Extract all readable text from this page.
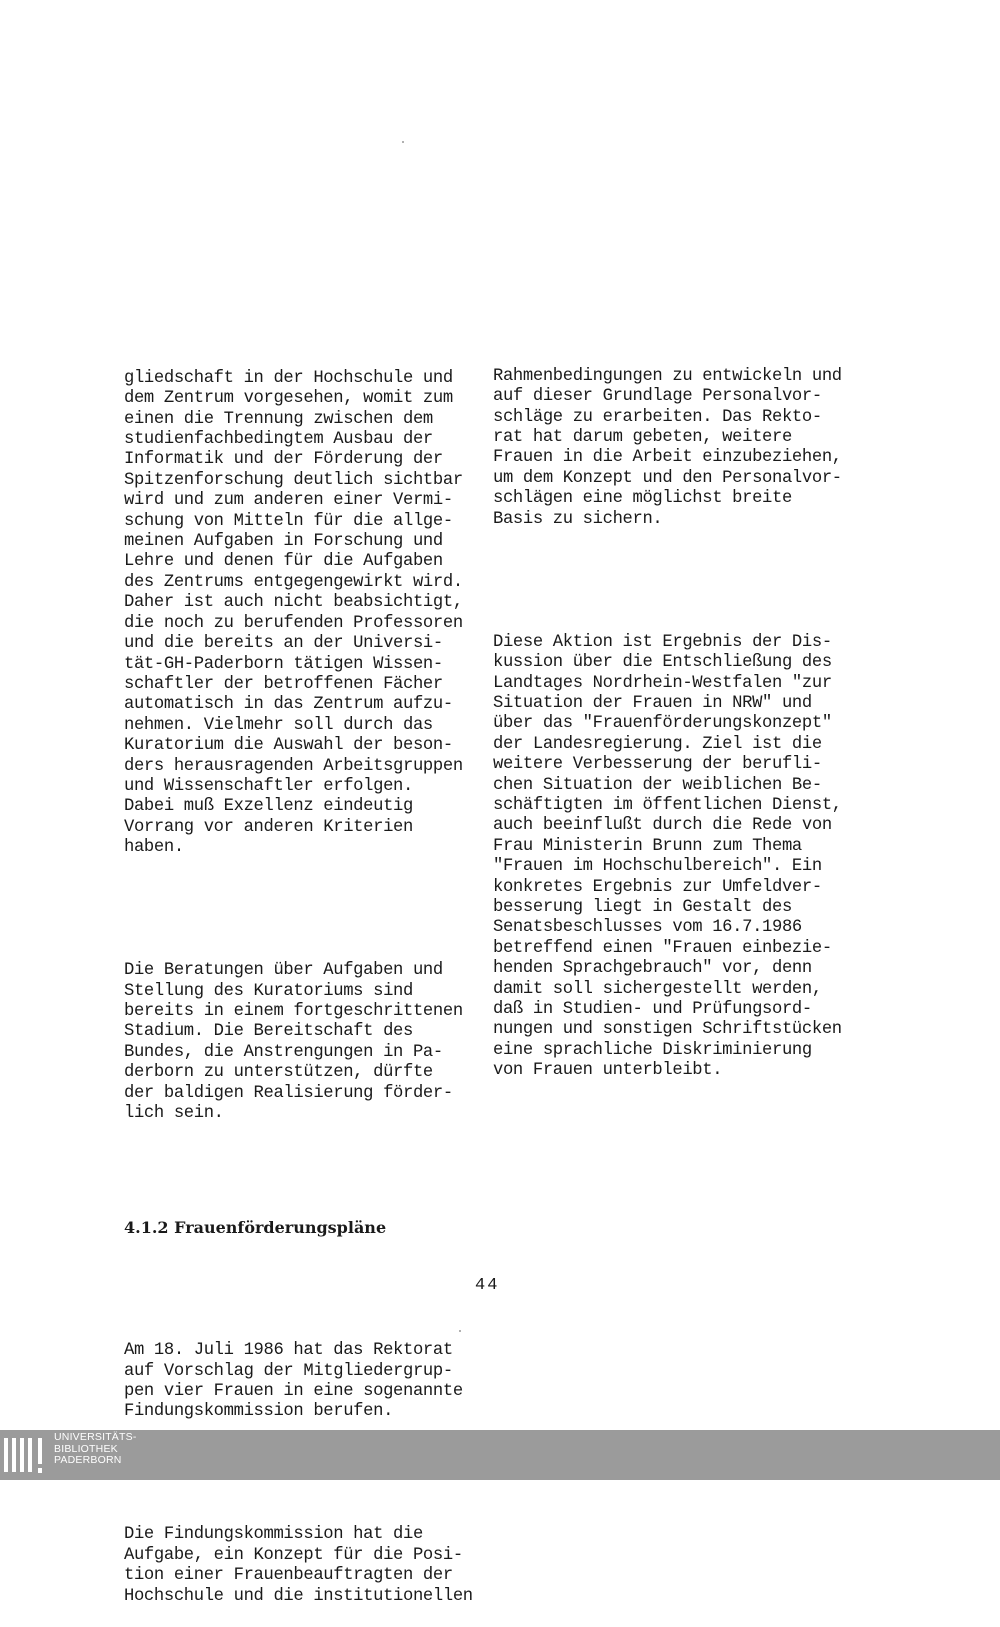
gliedschaft in der Hochschule und
dem Zentrum vorgesehen, womit zum
einen die Trennung zwischen dem
studienfachbedingtem Ausbau der
Informatik und der Förderung der
Spitzenforschung deutlich sichtbar
wird und zum anderen einer Vermi-
schung von Mitteln für die allge-
meinen Aufgaben in Forschung und
Lehre und denen für die Aufgaben
des Zentrums entgegengewirkt wird.
Daher ist auch nicht beabsichtigt,
die noch zu berufenden Professoren
und die bereits an der Universi-
tät-GH-Paderborn tätigen Wissen-
schaftler der betroffenen Fächer
automatisch in das Zentrum aufzu-
nehmen. Vielmehr soll durch das
Kuratorium die Auswahl der beson-
ders herausragenden Arbeitsgruppen
und Wissenschaftler erfolgen.
Dabei muß Exzellenz eindeutig
Vorrang vor anderen Kriterien
haben.

Die Beratungen über Aufgaben und
Stellung des Kuratoriums sind
bereits in einem fortgeschrittenen
Stadium. Die Bereitschaft des
Bundes, die Anstrengungen in Pa-
derborn zu unterstützen, dürfte
der baldigen Realisierung förder-
lich sein.

4.1.2 Frauenförderungspläne

Am 18. Juli 1986 hat das Rektorat
auf Vorschlag der Mitgliedergrup-
pen vier Frauen in eine sogenannte
Findungskommission berufen.

Die Findungskommission hat die
Aufgabe, ein Konzept für die Posi-
tion einer Frauenbeauftragten der
Hochschule und die institutionellen

Rahmenbedingungen zu entwickeln und
auf dieser Grundlage Personalvor-
schläge zu erarbeiten. Das Rekto-
rat hat darum gebeten, weitere
Frauen in die Arbeit einzubeziehen,
um dem Konzept und den Personalvor-
schlägen eine möglichst breite
Basis zu sichern.

Diese Aktion ist Ergebnis der Dis-
kussion über die Entschließung des
Landtages Nordrhein-Westfalen "zur
Situation der Frauen in NRW" und
über das "Frauenförderungskonzept"
der Landesregierung. Ziel ist die
weitere Verbesserung der berufli-
chen Situation der weiblichen Be-
schäftigten im öffentlichen Dienst,
auch beeinflußt durch die Rede von
Frau Ministerin Brunn zum Thema
"Frauen im Hochschulbereich". Ein
konkretes Ergebnis zur Umfeldver-
besserung liegt in Gestalt des
Senatsbeschlusses vom 16.7.1986
betreffend einen "Frauen einbezie-
henden Sprachgebrauch" vor, denn
damit soll sichergestellt werden,
daß in Studien- und Prüfungsord-
nungen und sonstigen Schriftstücken
eine sprachliche Diskriminierung
von Frauen unterbleibt.

44
UNIVERSITÄTS-
BIBLIOTHEK
PADERBORN
